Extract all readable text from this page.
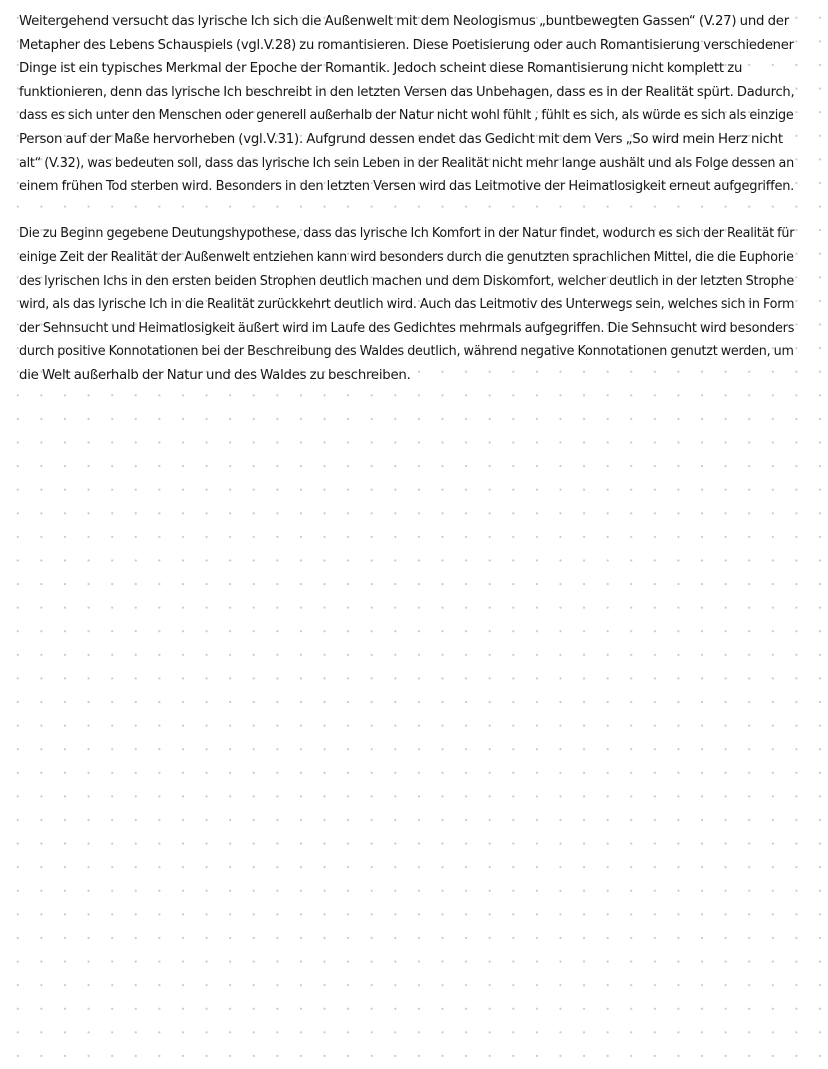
Weitergehend versucht das lyrische Ich sich die Außenwelt mit dem Neologismus „buntbewegten Gassen“ (V.27) und der
Metapher des Lebens Schauspiels (vgl.V.28) zu romantisieren. Diese Poetisierung oder auch Romantisierung verschiedener
Dinge ist ein typisches Merkmal der Epoche der Romantik. Jedoch scheint diese Romantisierung nicht komplett zu
funktionieren, denn das lyrische Ich beschreibt in den letzten Versen das Unbehagen, dass es in der Realität spürt. Dadurch,
dass es sich unter den Menschen oder generell außerhalb der Natur nicht wohl fühlt , fühlt es sich, als würde es sich als einzige
Person auf der Maße hervorheben (vgl.V.31). Aufgrund dessen endet das Gedicht mit dem Vers „So wird mein Herz nicht
alt“ (V.32), was bedeuten soll, dass das lyrische Ich sein Leben in der Realität nicht mehr lange aushält und als Folge dessen an
einem frühen Tod sterben wird. Besonders in den letzten Versen wird das Leitmotive der Heimatlosigkeit erneut aufgegriffen.
Die zu Beginn gegebene Deutungshypothese, dass das lyrische Ich Komfort in der Natur findet, wodurch es sich der Realität für
einige Zeit der Realität der Außenwelt entziehen kann wird besonders durch die genutzten sprachlichen Mittel, die die Euphorie
des lyrischen Ichs in den ersten beiden Strophen deutlich machen und dem Diskomfort, welcher deutlich in der letzten Strophe
wird, als das lyrische Ich in die Realität zurückkehrt deutlich wird. Auch das Leitmotiv des Unterwegs sein, welches sich in Form
der Sehnsucht und Heimatlosigkeit äußert wird im Laufe des Gedichtes mehrmals aufgegriffen. Die Sehnsucht wird besonders
durch positive Konnotationen bei der Beschreibung des Waldes deutlich, während negative Konnotationen genutzt werden, um
die Welt außerhalb der Natur und des Waldes zu beschreiben.
